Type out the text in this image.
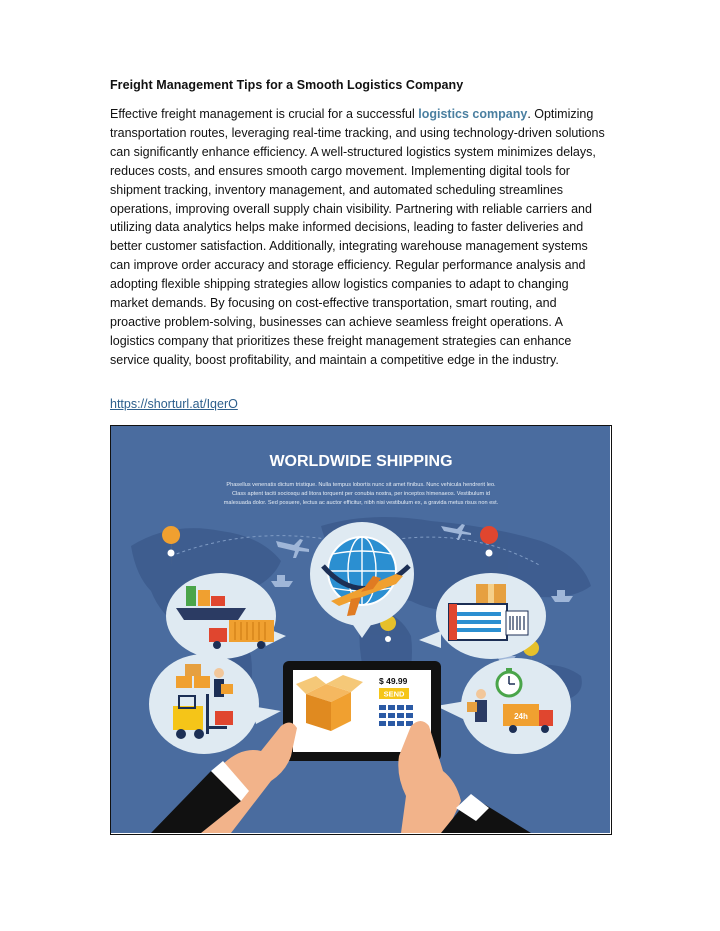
Freight Management Tips for a Smooth Logistics Company

Effective freight management is crucial for a successful logistics company. Optimizing transportation routes, leveraging real-time tracking, and using technology-driven solutions can significantly enhance efficiency. A well-structured logistics system minimizes delays, reduces costs, and ensures smooth cargo movement. Implementing digital tools for shipment tracking, inventory management, and automated scheduling streamlines operations, improving overall supply chain visibility. Partnering with reliable carriers and utilizing data analytics helps make informed decisions, leading to faster deliveries and better customer satisfaction. Additionally, integrating warehouse management systems can improve order accuracy and storage efficiency. Regular performance analysis and adopting flexible shipping strategies allow logistics companies to adapt to changing market demands. By focusing on cost-effective transportation, smart routing, and proactive problem-solving, businesses can achieve seamless freight operations. A logistics company that prioritizes these freight management strategies can enhance service quality, boost profitability, and maintain a competitive edge in the industry.

https://shorturl.at/IqerO
WORLDWIDE SHIPPING
Phasellus venenatis dictum tristique. Nulla tempus lobortis nunc sit amet finibus. Nunc vehicula hendrerit leo.
Class aptent taciti sociosqu ad litora torquent per conubia nostra, per inceptos himenaeos. Vestibulum id
malesuada dolor. Sed posuere, lectus ac auctor efficitur, nibh nisi vestibulum ex, a gravida metus risus non est.
24h
$ 49.99
SEND
